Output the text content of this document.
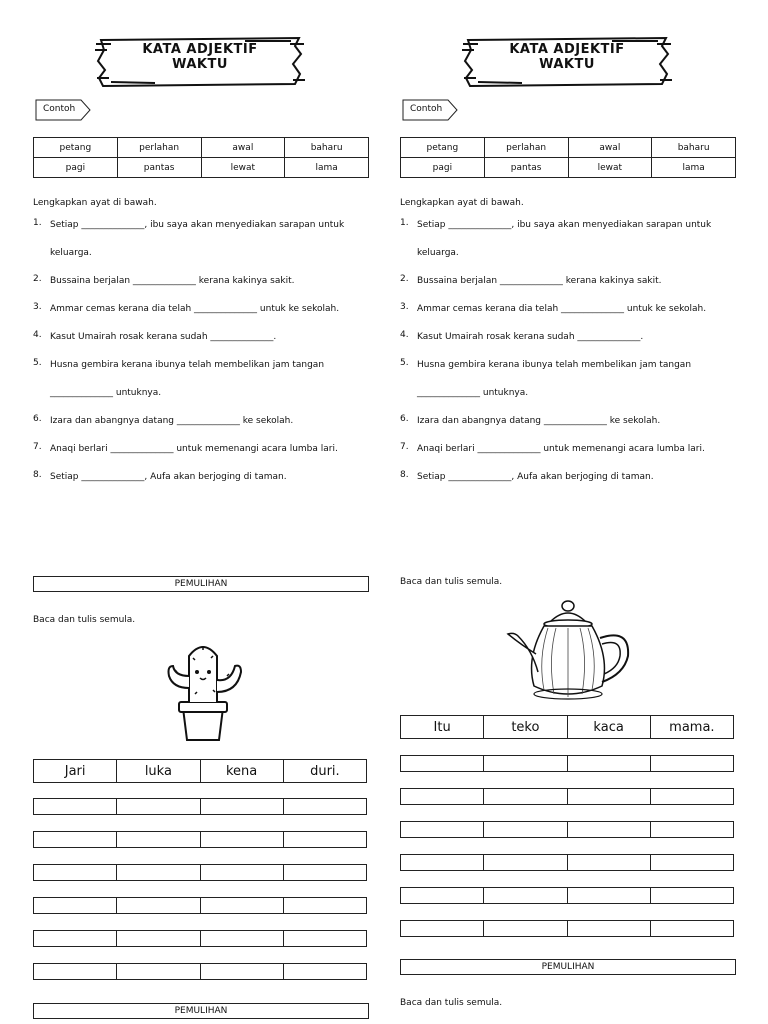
KATA ADJEKTIF
WAKTU
Contoh
petang	perlahan	awal	baharu
pagi	pantas	lewat	lama
Lengkapkan ayat di bawah.
1. Setiap ______________, ibu saya akan menyediakan sarapan untuk
keluarga.
2. Bussaina berjalan ______________ kerana kakinya sakit.
3. Ammar cemas kerana dia telah ______________ untuk ke sekolah.
4. Kasut Umairah rosak kerana sudah ______________.
5. Husna gembira kerana ibunya telah membelikan jam tangan
______________ untuknya.
6. Izara dan abangnya datang ______________ ke sekolah.
7. Anaqi berlari ______________ untuk memenangi acara lumba lari.
8. Setiap ______________, Aufa akan berjoging di taman.
PEMULIHAN
Baca dan tulis semula.
Jari	luka	kena	duri.

PEMULIHAN
KATA ADJEKTIF
WAKTU
Contoh
petang	perlahan	awal	baharu
pagi	pantas	lewat	lama
Lengkapkan ayat di bawah.
1. Setiap ______________, ibu saya akan menyediakan sarapan untuk
keluarga.
2. Bussaina berjalan ______________ kerana kakinya sakit.
3. Ammar cemas kerana dia telah ______________ untuk ke sekolah.
4. Kasut Umairah rosak kerana sudah ______________.
5. Husna gembira kerana ibunya telah membelikan jam tangan
______________ untuknya.
6. Izara dan abangnya datang ______________ ke sekolah.
7. Anaqi berlari ______________ untuk memenangi acara lumba lari.
8. Setiap ______________, Aufa akan berjoging di taman.
Baca dan tulis semula.
Itu	teko	kaca	mama.

PEMULIHAN
Baca dan tulis semula.
